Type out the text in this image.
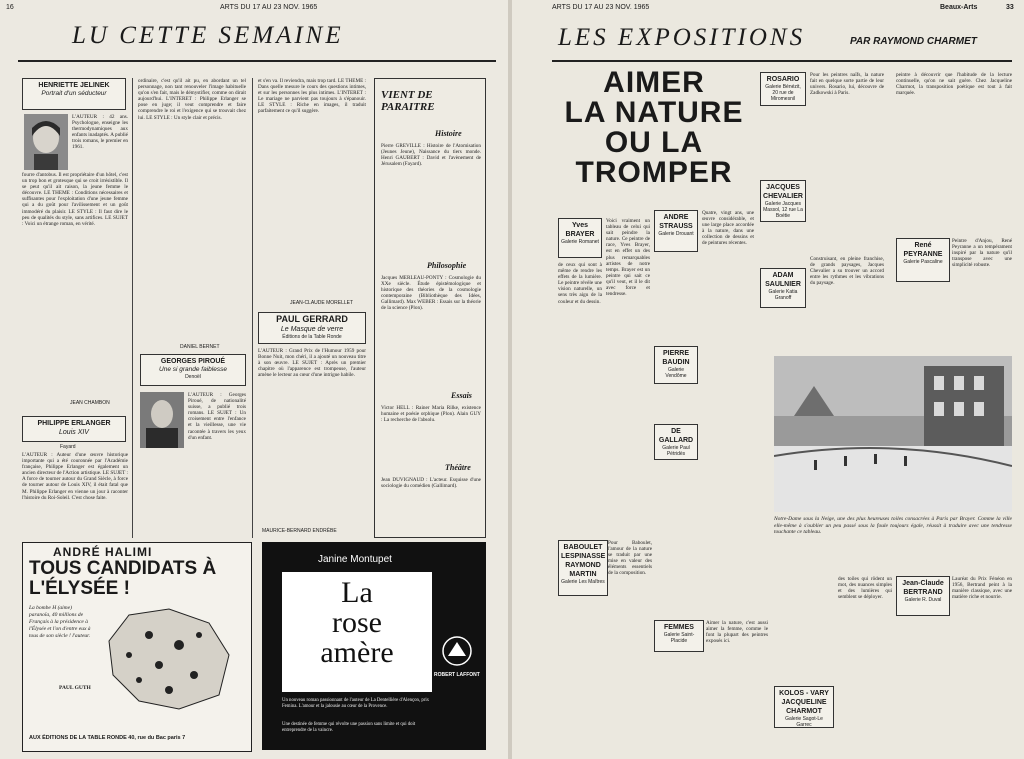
16	ARTS DU 17 AU 23 NOV. 1965
LU CETTE SEMAINE
HENRIETTE JELINEK
Portrait d'un séducteur
L'AUTEUR : 42 ans. Psychologue, enseigne les thermodynamiques aux enfants inadaptés. A publié trois romans, le premier en 1961.
fourre d'antobus. Il est propriétaire d'un hôtel, c'est un trop bon et grotesque qui se croit irrésistible. Il se peut qu'il ait raison, la jeune femme le découvre. LE THEME : Conditions nécessaires et suffisantes pour l'exploitation d'une jeune femme qui a du goût pour l'avilissement et un goût immodéré du plaisir. LE STYLE : Il faut dire le peu de qualités du style, sans artifices. LE SUJET : Voici un étrange roman, en vérité.
JEAN CHAMBON
PHILIPPE ERLANGER
Louis XIV
Fayard
L'AUTEUR : Auteur d'une œuvre historique importante qui a été couronnée par l'Académie française, Philippe Erlanger est également un ancien directeur de l'Action artistique. LE SUJET : A force de tourner autour du Grand Siècle, à force de tourner autour de Louis XIV, il était fatal que M. Philippe Erlanger en vienne un jour à raconter l'histoire du Roi-Soleil. C'est chose faite.
ordinaire, c'est qu'il ait pu, en abordant un tel personnage, non tant renouveler l'image habituelle qu'on s'en fait, mais le démystifier, comme on dirait aujourd'hui. L'INTERET : Philippe Erlanger se pose en juge; il veut comprendre et faire comprendre le roi et l'exigence qui se trouvait chez lui. LE STYLE : Un style clair et précis.
DANIEL BERNET
GEORGES PIROUÉ
Une si grande faiblesse
Denoël
L'AUTEUR : Georges Piroué, de nationalité suisse, a publié trois romans. LE SUJET : Un croisement entre l'enfance et la vieillesse, une vie racontée à travers les yeux d'un enfant.
et s'en va. Il reviendra, mais trop tard. LE THEME : Dans quelle mesure le cours des questions intimes, et sur les personnes les plus intimes. L'INTERET : Le mariage ne parvient pas toujours à s'épanouir. LE STYLE : Riche en images, il traduit parfaitement ce qu'il suggère.
JEAN-CLAUDE MORELLET
PAUL GERRARD
Le Masque de verre
Éditions de la Table Ronde
L'AUTEUR : Grand Prix de l'Humour 1959 pour Bonne Nuit, mon chéri, il a ajouté un nouveau titre à son œuvre. LE SUJET : Après un premier chapitre où l'apparence est trompeuse, l'auteur amène le lecteur au cœur d'une intrigue habile.
MAURICE-BERNARD ENDRÈBE
VIENT DE PARAITRE
Histoire
Pierre GREVILLE : Histoire de l'Atomisation (Jeunes Jeune), Naissance du tiers monde. Henri GAUBERT : David et l'avènement de Jérusalem (Fayard).
Philosophie
Jacques MERLEAU-PONTY : Cosmologie du XXe siècle. Étude épistémologique et historique des théories de la cosmologie contemporaine (Bibliothèque des Idées, Gallimard). Max WEBER : Essais sur la théorie de la science (Plon).
Essais
Victor HELL : Rainer Maria Rilke, existence humaine et poésie orphique (Plon). Alain GUY : La recherche de l'absolu.
Théâtre
Jean DUVIGNAUD : L'acteur. Esquisse d'une sociologie du comédien (Gallimard).
ANDRÉ HALIMI
TOUS CANDIDATS À L'ÉLYSÉE !
La bombe H (aime) paranoïa, 40 millions de Français à la présidence à l'Élysée et l'on d'entre eux à tous de son siècle ! l'auteur.
PAUL GUTH
AUX ÉDITIONS DE LA TABLE RONDE 40, rue du Bac paris 7
Janine Montupet
La
rose
amère
ROBERT LAFFONT
Un nouveau roman passionnant de l'auteur de La Dentellière d'Alençon, prix Femina. L'amour et la jalousie au cœur de la Provence.
Une destinée de femme qui révolte une passion sans limite et qui doit entreprendre de la vaincre.
ARTS DU 17 AU 23 NOV. 1965	Beaux-Arts	33
LES EXPOSITIONS	PAR RAYMOND CHARMET
AIMER
LA NATURE
OU LA
TROMPER
ROSARIO
Galerie Bénézit, 20 rue de Miromesnil
JACQUES CHEVALIER
Galerie Jacques Massol, 12 rue La Boétie
Yves BRAYER
Galerie Romanet
ANDRE STRAUSS
Galerie Drouant
ADAM SAULNIER
Galerie Katia Granoff
René PEYRANNE
Galerie Pascaline
PIERRE BAUDIN
Galerie Vendôme
DE GALLARD
Galerie Paul Pétridès
BABOULET LESPINASSE RAYMOND MARTIN
Galerie Les Maîtres
FEMMES
Galerie Saint-Placide
KOLOS - VARY JACQUELINE CHARMOT
Galerie Sagot-Le Garrec
Jean-Claude BERTRAND
Galerie R. Duval
Voici vraiment un tableau de celui qui sait peindre la nature. Ce peintre de race, Yves Brayer, est en effet un des plus remarquables artistes de notre temps. Brayer est un peintre qui sait ce qu'il veut, et il le dit avec force et tendresse.
de ceux qui sont à même de rendre les effets de la lumière. Le peintre révèle une vision naturelle, un sens très aigu de la couleur et du dessin.
Quatre, vingt ans, une œuvre considérable, et une large place accordée à la nature, dans une collection de dessins et de peintures récentes.
Pour les peintres naïfs, la nature fait en quelque sorte partie de leur univers. Rosario, lui, découvre de Zadkowski à Paris.
Construisant, en pleine franchise, de grands paysages, Jacques Chevalier a su trouver un accord entre les rythmes et les vibrations du paysage.
peintre à découvrir que l'habitude de la lecture continuelle, qu'on ne sait guère. Chez Jacqueline Charmot, la transposition poétique est tout à fait marquée.
Peintre d'Anjou, René Peyranne a un tempérament inspiré par la nature qu'il transpose avec une simplicité robuste.
Pour Baboulet, l'amour de la nature se traduit par une mise en valeur des éléments essentiels de la composition.
Aimer la nature, c'est aussi aimer la femme, comme le font la plupart des peintres exposés ici.
des toiles qui rôdent un mot, des nuances simples et des lumières qui semblent se déployer.
Lauréat du Prix Fénéon en 1956, Bertrand peint à la manière classique, avec une matière riche et nourrie.
Notre-Dame sous la Neige, une des plus heureuses toiles consacrées à Paris par Brayer. Comme la ville elle-même à s'oublier un peu passé sous la foule toujours égale, réussit à traduire avec une tendresse touchante ce tableau.
